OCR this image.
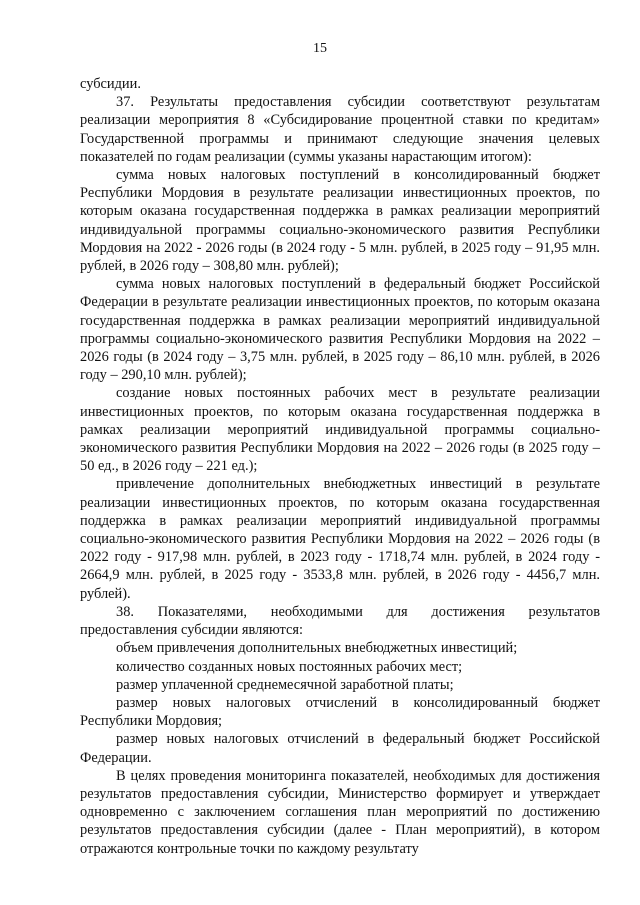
15

субсидии.

37. Результаты предоставления субсидии соответствуют результатам реализации мероприятия 8 «Субсидирование процентной ставки по кредитам» Государственной программы и принимают следующие значения целевых показателей по годам реализации (суммы указаны нарастающим итогом):

сумма новых налоговых поступлений в консолидированный бюджет Республики Мордовия в результате реализации инвестиционных проектов, по которым оказана государственная поддержка в рамках реализации мероприятий индивидуальной программы социально-экономического развития Республики Мордовия на 2022 - 2026 годы (в 2024 году - 5 млн. рублей, в 2025 году – 91,95 млн. рублей, в 2026 году – 308,80 млн. рублей);

сумма новых налоговых поступлений в федеральный бюджет Российской Федерации в результате реализации инвестиционных проектов, по которым оказана государственная поддержка в рамках реализации мероприятий индивидуальной программы социально-экономического развития Республики Мордовия на 2022 – 2026 годы (в 2024 году – 3,75 млн. рублей, в 2025 году – 86,10 млн. рублей, в 2026 году – 290,10 млн. рублей);

создание новых постоянных рабочих мест в результате реализации инвестиционных проектов, по которым оказана государственная поддержка в рамках реализации мероприятий индивидуальной программы социально-экономического развития Республики Мордовия на 2022 – 2026 годы (в 2025 году – 50 ед., в 2026 году – 221 ед.);

привлечение дополнительных внебюджетных инвестиций в результате реализации инвестиционных проектов, по которым оказана государственная поддержка в рамках реализации мероприятий индивидуальной программы социально-экономического развития Республики Мордовия на 2022 – 2026 годы (в 2022 году - 917,98 млн. рублей, в 2023 году - 1718,74 млн. рублей, в 2024 году - 2664,9 млн. рублей, в 2025 году - 3533,8 млн. рублей, в 2026 году - 4456,7 млн. рублей).

38. Показателями, необходимыми для достижения результатов предоставления субсидии являются:

объем привлечения дополнительных внебюджетных инвестиций;

количество созданных новых постоянных рабочих мест;

размер уплаченной среднемесячной заработной платы;

размер новых налоговых отчислений в консолидированный бюджет Республики Мордовия;

размер новых налоговых отчислений в федеральный бюджет Российской Федерации.

В целях проведения мониторинга показателей, необходимых для достижения результатов предоставления субсидии, Министерство формирует и утверждает одновременно с заключением соглашения план мероприятий по достижению результатов предоставления субсидии (далее - План мероприятий), в котором отражаются контрольные точки по каждому результату
